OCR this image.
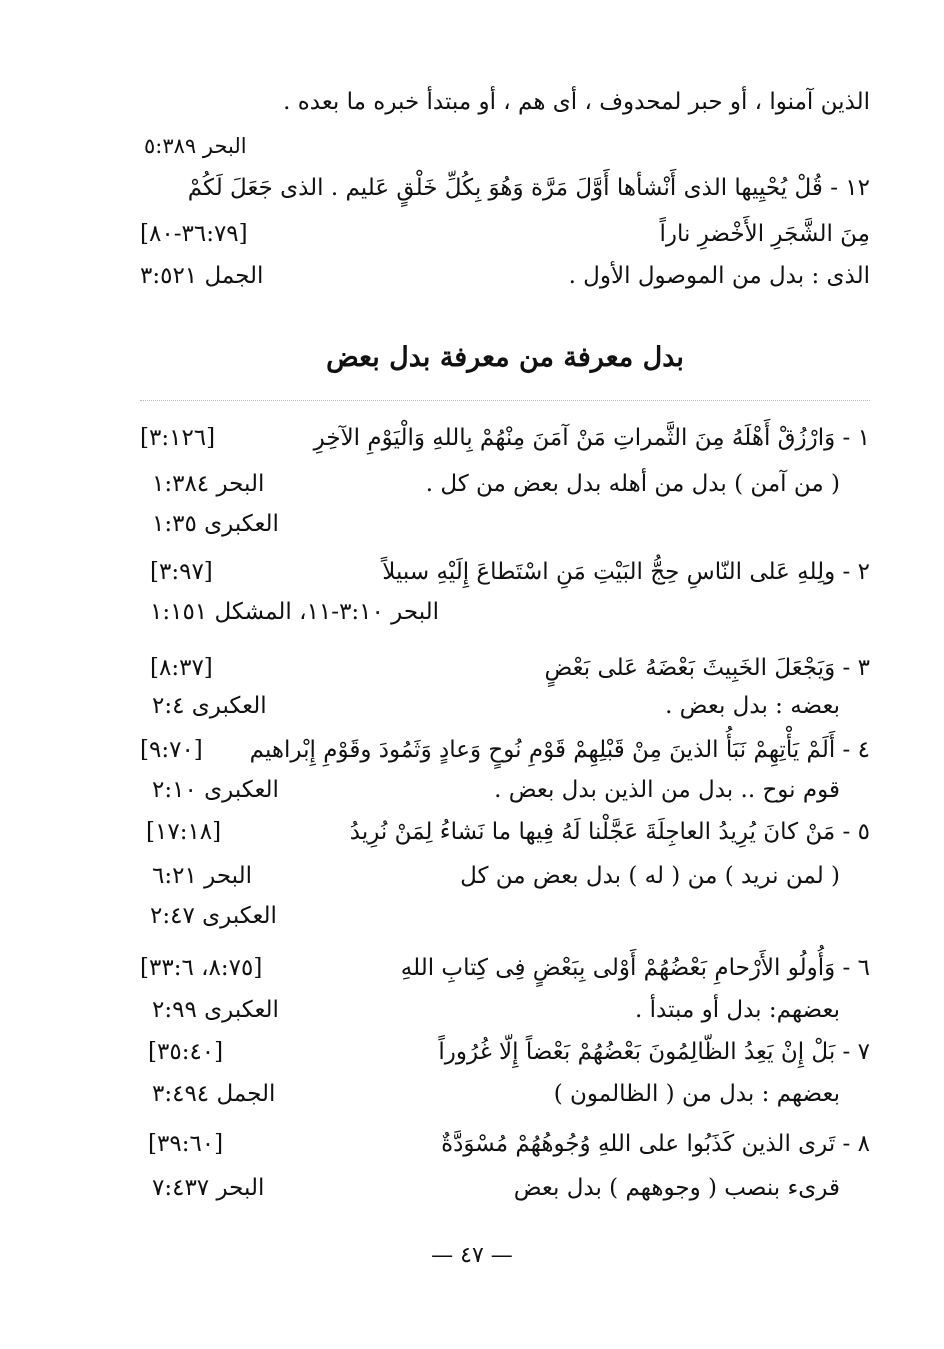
الذين آمنوا ، أو حبر لمحدوف ، أى هم ، أو مبتدأ خبره ما بعده .
البحر ٥:٣٨٩
١٢ - قُلْ يُحْيِيها الذى أَنْشأها أَوَّلَ مَرَّة وَهُوَ بِكُلِّ خَلْقٍ عَليم . الذى جَعَلَ لَكُمْ
مِنَ الشَّجَرِ الأَخْضرِ ناراً
[٣٦:٧٩-٨٠]
الذى : بدل من الموصول الأول .
الجمل ٣:٥٢١
بدل معرفة من معرفة بدل بعض
١ - وَارْزُقْ أَهْلَهُ مِنَ الثَّمراتِ مَنْ آمَنَ مِنْهُمْ بِاللهِ وَالْيَوْمِ الآخِرِ
[٣:١٢٦]
( من آمن ) بدل من أهله بدل بعض من كل .
البحر ١:٣٨٤
العكبرى ١:٣٥
٢ - ولِلهِ عَلى النّاسِ حِجُّ البَيْتِ مَنِ اسْتَطاعَ إِلَيْهِ سبيلاً
[٣:٩٧]
البحر ٣:١٠-١١، المشكل ١:١٥١
٣ - وَيَجْعَلَ الخَبِيثَ بَعْضَهُ عَلى بَعْضٍ
[٨:٣٧]
بعضه : بدل بعض .
العكبرى ٢:٤
٤ - أَلَمْ يَأْتِهِمْ نَبَأُ الذينَ مِنْ قَبْلِهِمْ قَوْمِ نُوحٍ وَعادٍ وَثَمُودَ وقَوْمِ إِبْراهيم
[٩:٧٠]
قوم نوح .. بدل من الذين بدل بعض .
العكبرى ٢:١٠
٥ - مَنْ كانَ يُرِيدُ العاجِلَةَ عَجَّلْنا لَهُ فِيها ما نَشاءُ لِمَنْ نُرِيدُ
[١٧:١٨]
( لمن نريد ) من ( له ) بدل بعض من كل
البحر ٦:٢١
العكبرى ٢:٤٧
٦ - وَأُولُو الأَرْحامِ بَعْضُهُمْ أَوْلى بِبَعْضٍ فِى كِتابِ اللهِ
[٨:٧٥، ٣٣:٦]
بعضهم: بدل أو مبتدأ .
العكبرى ٢:٩٩
٧ - بَلْ إِنْ يَعِدُ الظّالِمُونَ بَعْضُهُمْ بَعْضاً إِلّا غُرُوراً
[٣٥:٤٠]
بعضهم : بدل من ( الظالمون )
الجمل ٣:٤٩٤
٨ - تَرى الذين كَذَبُوا على اللهِ وُجُوهُهُمْ مُسْوَدَّةٌ
[٣٩:٦٠]
قرىء بنصب ( وجوههم ) بدل بعض
البحر ٧:٤٣٧
— ٤٧ —
